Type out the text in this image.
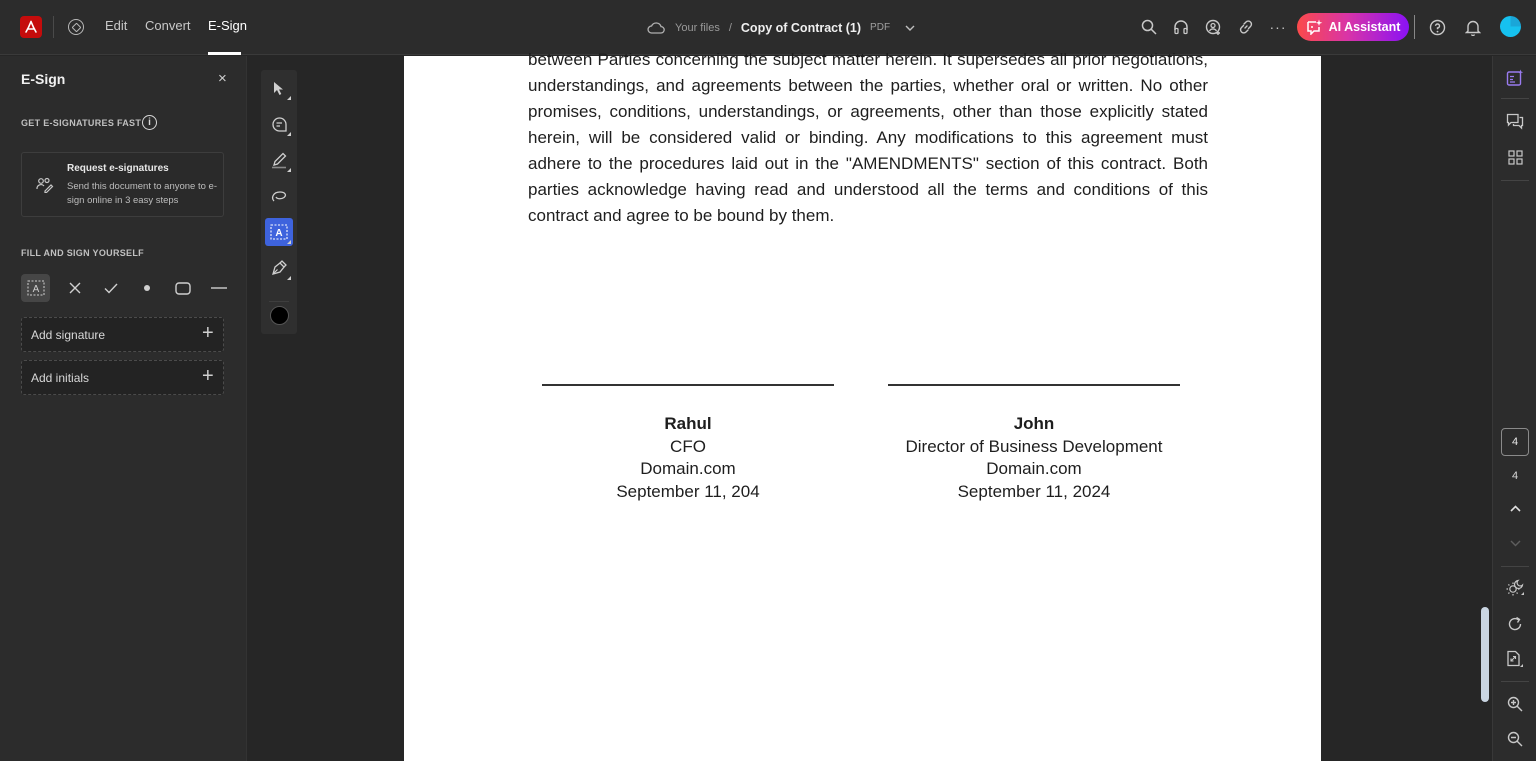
Edit Convert E-Sign	Your files / Copy of Contract (1) PDF	···	AI Assistant
E-Sign	×
GET E-SIGNATURES FAST i
Request e-signatures
Send this document to anyone to e-sign online in 3 easy steps
FILL AND SIGN YOURSELF
A
Add signature	+
Add initials	+
A
between Parties concerning the subject matter herein. It supersedes all prior negotiations, understandings, and agreements between the parties, whether oral or written. No other promises, conditions, understandings, or agreements, other than those explicitly stated herein, will be considered valid or binding. Any modifications to this agreement must adhere to the procedures laid out in the "AMENDMENTS" section of this contract. Both parties acknowledge having read and understood all the terms and conditions of this contract and agree to be bound by them.
Rahul
CFO
Domain.com
September 11, 204
John
Director of Business Development
Domain.com
September 11, 2024
4
4
